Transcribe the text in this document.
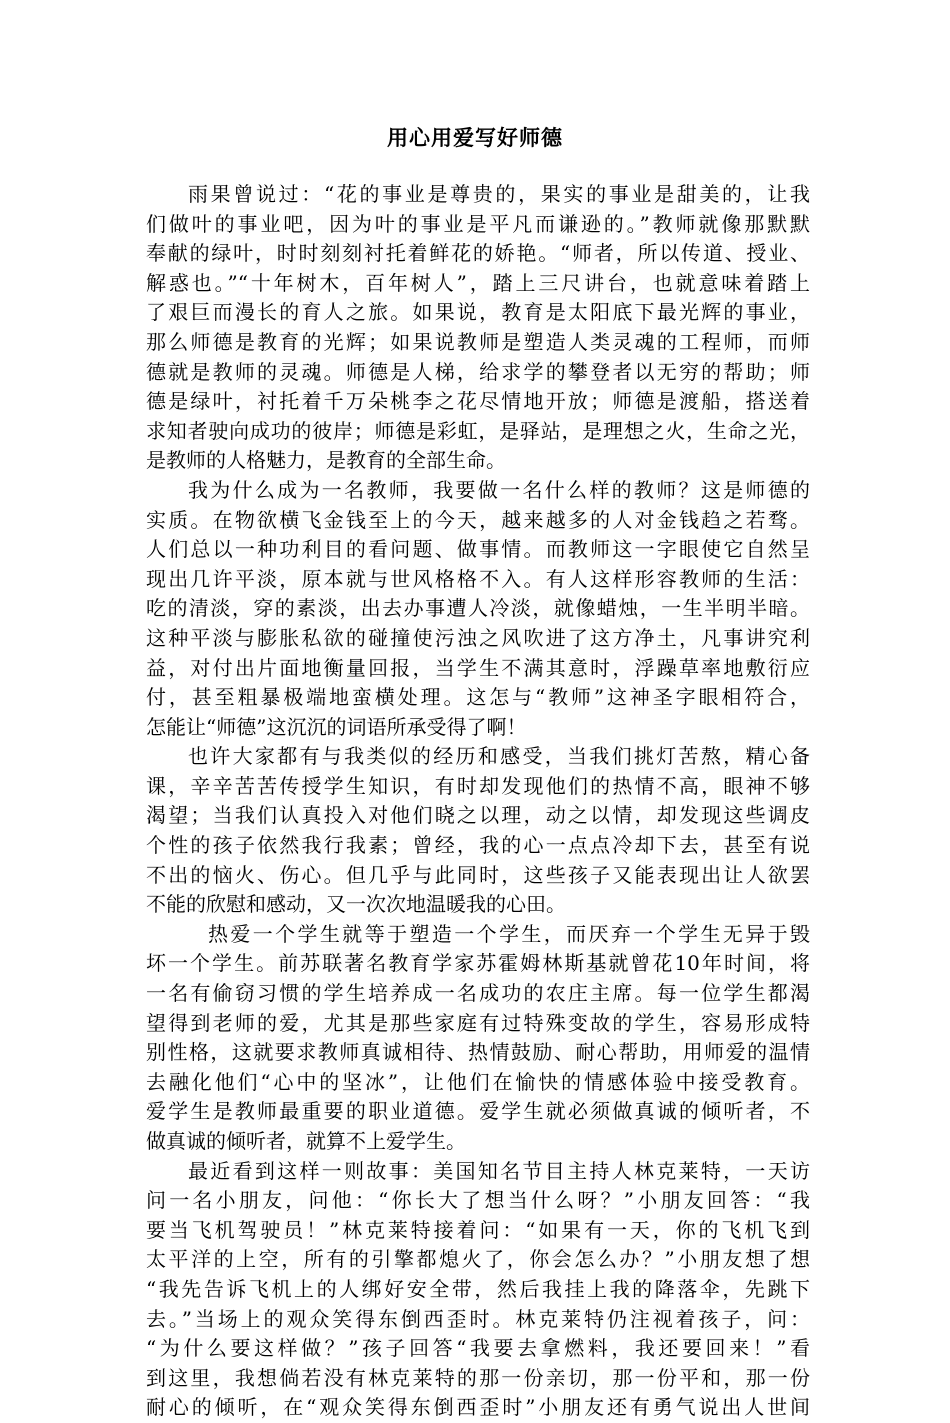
用心用爱写好师德
雨果曾说过：“花的事业是尊贵的，果实的事业是甜美的，让我
们做叶的事业吧，因为叶的事业是平凡而谦逊的。”教师就像那默默
奉献的绿叶，时时刻刻衬托着鲜花的娇艳。“师者，所以传道、授业、
解惑也。”“十年树木，百年树人”，踏上三尺讲台，也就意味着踏上
了艰巨而漫长的育人之旅。如果说，教育是太阳底下最光辉的事业，
那么师德是教育的光辉；如果说教师是塑造人类灵魂的工程师，而师
德就是教师的灵魂。师德是人梯，给求学的攀登者以无穷的帮助；师
德是绿叶，衬托着千万朵桃李之花尽情地开放；师德是渡船，搭送着
求知者驶向成功的彼岸；师德是彩虹，是驿站，是理想之火，生命之光，
是教师的人格魅力，是教育的全部生命。
我为什么成为一名教师，我要做一名什么样的教师？这是师德的
实质。在物欲横飞金钱至上的今天，越来越多的人对金钱趋之若骛。
人们总以一种功利目的看问题、做事情。而教师这一字眼使它自然呈
现出几许平淡，原本就与世风格格不入。有人这样形容教师的生活：
吃的清淡，穿的素淡，出去办事遭人冷淡，就像蜡烛，一生半明半暗。
这种平淡与膨胀私欲的碰撞使污浊之风吹进了这方净土，凡事讲究利
益，对付出片面地衡量回报，当学生不满其意时，浮躁草率地敷衍应
付，甚至粗暴极端地蛮横处理。这怎与“教师”这神圣字眼相符合，
怎能让“师德”这沉沉的词语所承受得了啊！
也许大家都有与我类似的经历和感受，当我们挑灯苦熬，精心备
课，辛辛苦苦传授学生知识，有时却发现他们的热情不高，眼神不够
渴望；当我们认真投入对他们晓之以理，动之以情，却发现这些调皮
个性的孩子依然我行我素；曾经，我的心一点点冷却下去，甚至有说
不出的恼火、伤心。但几乎与此同时，这些孩子又能表现出让人欲罢
不能的欣慰和感动，又一次次地温暖我的心田。
热爱一个学生就等于塑造一个学生，而厌弃一个学生无异于毁
坏一个学生。前苏联著名教育学家苏霍姆林斯基就曾花10年时间，将
一名有偷窃习惯的学生培养成一名成功的农庄主席。每一位学生都渴
望得到老师的爱，尤其是那些家庭有过特殊变故的学生，容易形成特
别性格，这就要求教师真诚相待、热情鼓励、耐心帮助，用师爱的温情
去融化他们“心中的坚冰”，让他们在愉快的情感体验中接受教育。
爱学生是教师最重要的职业道德。爱学生就必须做真诚的倾听者，不
做真诚的倾听者，就算不上爱学生。
最近看到这样一则故事：美国知名节目主持人林克莱特，一天访
问一名小朋友，问他：“你长大了想当什么呀？”小朋友回答：“我
要当飞机驾驶员！”林克莱特接着问：“如果有一天，你的飞机飞到
太平洋的上空，所有的引擎都熄火了，你会怎么办？”小朋友想了想
“我先告诉飞机上的人绑好安全带，然后我挂上我的降落伞，先跳下
去。”当场上的观众笑得东倒西歪时。林克莱特仍注视着孩子，问：
“为什么要这样做？”孩子回答“我要去拿燃料，我还要回来！”看
到这里，我想倘若没有林克莱特的那一份亲切，那一份平和，那一份
耐心的倾听，在“观众笑得东倒西歪时”小朋友还有勇气说出人世间
